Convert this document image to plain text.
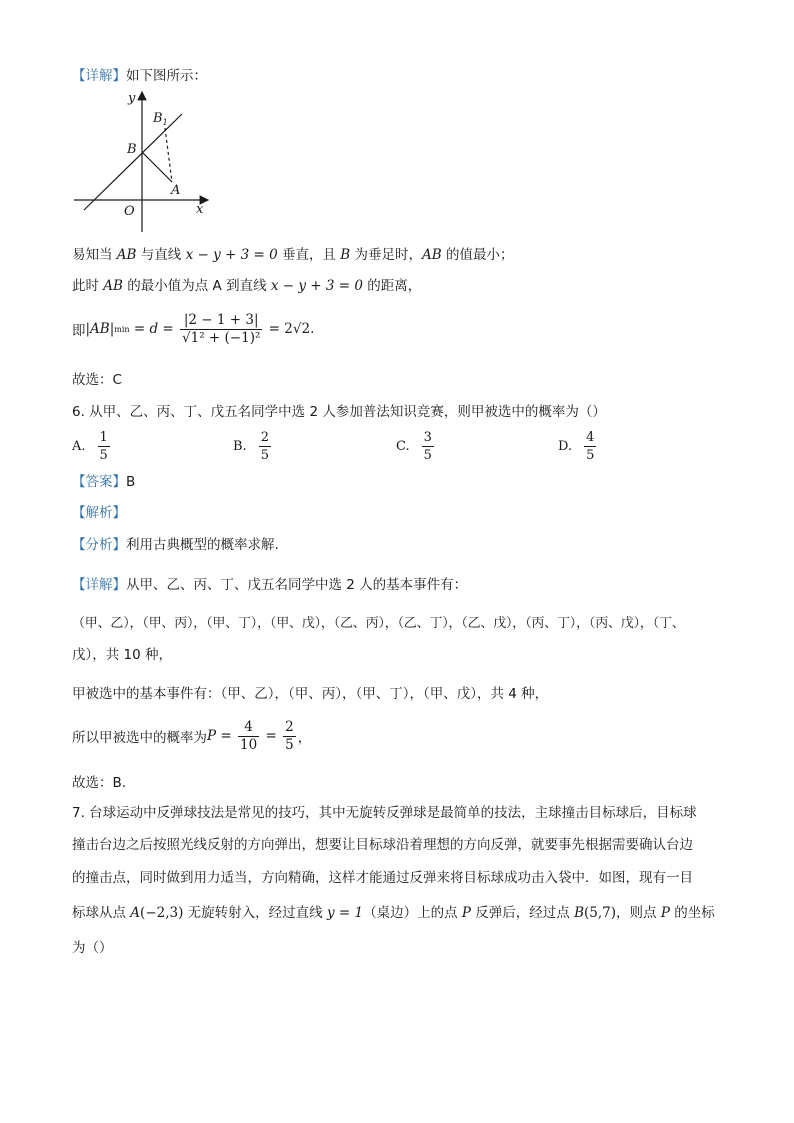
【详解】如下图所示：
y
x
O
B
$B_1$
A
易知当 AB 与直线 x − y + 3 = 0 垂直，且 B 为垂足时，AB 的值最小；
此时 AB 的最小值为点 A 到直线 x − y + 3 = 0 的距离，
即 |AB| $\min = d = \frac{|2 - 1 + 3|}{\text{√1² + (−1)²}} = 2√2$ .
故选：C
6. 从甲、乙、丙、丁、戊五名同学中选 2 人参加普法知识竞赛，则甲被选中的概率为（）
A. $\frac{1}{5}$	B. $\frac{2}{5}$	C. $\frac{3}{5}$	D. $\frac{4}{5}$
【答案】B
【解析】
【分析】利用古典概型的概率求解.
【详解】从甲、乙、丙、丁、戊五名同学中选 2 人的基本事件有：
（甲、乙），（甲、丙），（甲、丁），（甲、戊），（乙、丙），（乙、丁），（乙、戊），（丙、丁），（丙、戊），（丁、
戊），共 10 种，
甲被选中的基本事件有：（甲、乙），（甲、丙），（甲、丁），（甲、戊），共 4 种，
所以甲被选中的概率为 $P = \frac{4}{10} = \frac{2}{5}$ ，
故选：B.
7. 台球运动中反弹球技法是常见的技巧，其中无旋转反弹球是最简单的技法，主球撞击目标球后，目标球
撞击台边之后按照光线反射的方向弹出，想要让目标球沿着理想的方向反弹，就要事先根据需要确认台边
的撞击点，同时做到用力适当，方向精确，这样才能通过反弹来将目标球成功击入袋中．如图，现有一目
标球从点 A(−2,3) 无旋转射入，经过直线 y = 1（桌边）上的点 P 反弹后，经过点 B(5,7)，则点 P 的坐标
为（）
